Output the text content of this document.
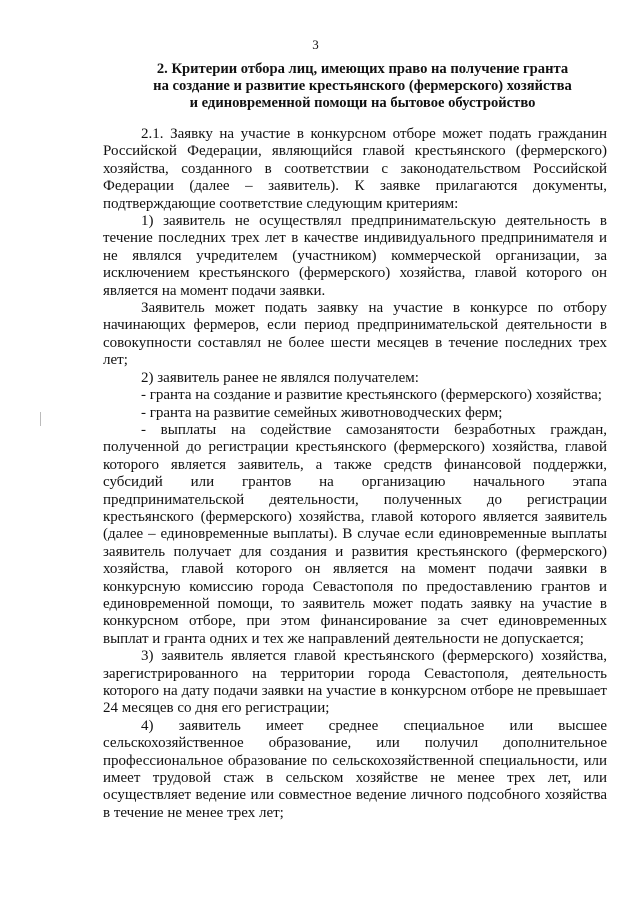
3
2. Критерии отбора лиц, имеющих право на получение гранта
на создание и развитие крестьянского (фермерского) хозяйства
и единовременной помощи на бытовое обустройство

2.1. Заявку на участие в конкурсном отборе может подать гражданин Российской Федерации, являющийся главой крестьянского (фермерского) хозяйства, созданного в соответствии с законодательством Российской Федерации (далее – заявитель). К заявке прилагаются документы, подтверждающие соответствие следующим критериям:

1) заявитель не осуществлял предпринимательскую деятельность в течение последних трех лет в качестве индивидуального предпринимателя и не являлся учредителем (участником) коммерческой организации, за исключением крестьянского (фермерского) хозяйства, главой которого он является на момент подачи заявки.

Заявитель может подать заявку на участие в конкурсе по отбору начинающих фермеров, если период предпринимательской деятельности в совокупности составлял не более шести месяцев в течение последних трех лет;

2) заявитель ранее не являлся получателем:

- гранта на создание и развитие крестьянского (фермерского) хозяйства;

- гранта на развитие семейных животноводческих ферм;

- выплаты на содействие самозанятости безработных граждан, полученной до регистрации крестьянского (фермерского) хозяйства, главой которого является заявитель, а также средств финансовой поддержки, субсидий или грантов на организацию начального этапа предпринимательской деятельности, полученных до регистрации крестьянского (фермерского) хозяйства, главой которого является заявитель (далее – единовременные выплаты). В случае если единовременные выплаты заявитель получает для создания и развития крестьянского (фермерского) хозяйства, главой которого он является на момент подачи заявки в конкурсную комиссию города Севастополя по предоставлению грантов и единовременной помощи, то заявитель может подать заявку на участие в конкурсном отборе, при этом финансирование за счет единовременных выплат и гранта одних и тех же направлений деятельности не допускается;

3) заявитель является главой крестьянского (фермерского) хозяйства, зарегистрированного на территории города Севастополя, деятельность которого на дату подачи заявки на участие в конкурсном отборе не превышает 24 месяцев со дня его регистрации;

4) заявитель имеет среднее специальное или высшее сельскохозяйственное образование, или получил дополнительное профессиональное образование по сельскохозяйственной специальности, или имеет трудовой стаж в сельском хозяйстве не менее трех лет, или осуществляет ведение или совместное ведение личного подсобного хозяйства в течение не менее трех лет;
